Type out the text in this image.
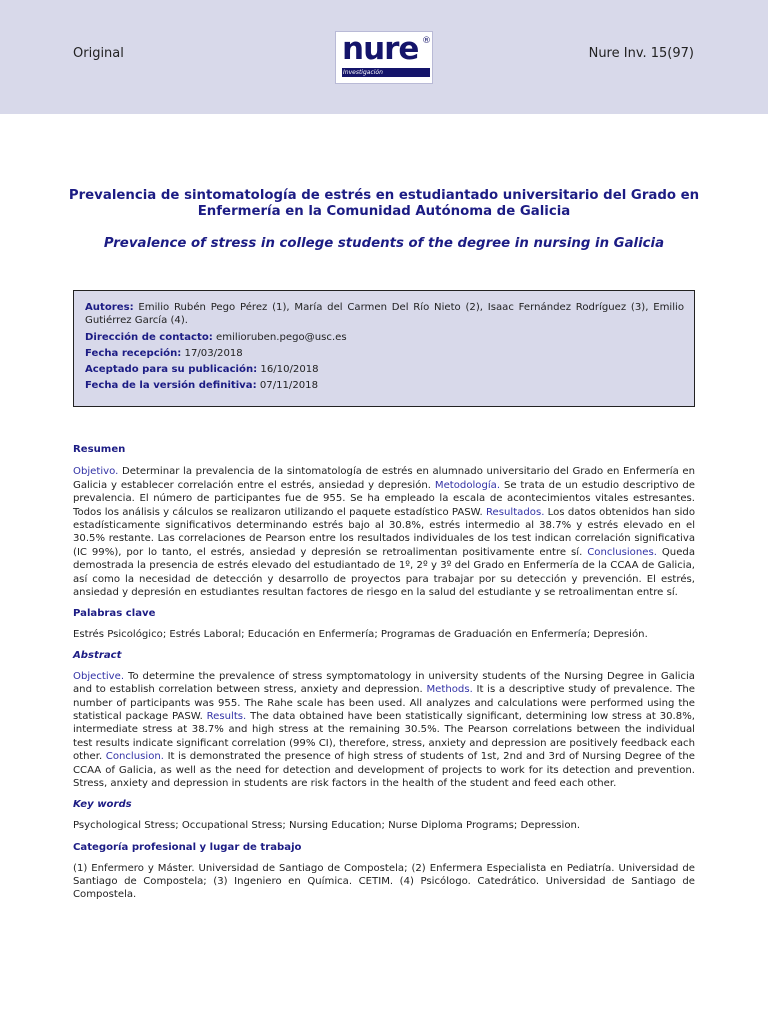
Original	nure ®
Investigación
Nure Inv. 15(97)
Prevalencia de sintomatología de estrés en estudiantado universitario del Grado en Enfermería en la Comunidad Autónoma de Galicia
Prevalence of stress in college students of the degree in nursing in Galicia
Autores: Emilio Rubén Pego Pérez (1), María del Carmen Del Río Nieto (2), Isaac Fernández Rodríguez (3), Emilio Gutiérrez García (4).
Dirección de contacto: emilioruben.pego@usc.es
Fecha recepción: 17/03/2018
Aceptado para su publicación: 16/10/2018
Fecha de la versión definitiva: 07/11/2018

Resumen

Objetivo. Determinar la prevalencia de la sintomatología de estrés en alumnado universitario del Grado en Enfermería en Galicia y establecer correlación entre el estrés, ansiedad y depresión. Metodología. Se trata de un estudio descriptivo de prevalencia. El número de participantes fue de 955. Se ha empleado la escala de acontecimientos vitales estresantes. Todos los análisis y cálculos se realizaron utilizando el paquete estadístico PASW. Resultados. Los datos obtenidos han sido estadísticamente significativos determinando estrés bajo al 30.8%, estrés intermedio al 38.7% y estrés elevado en el 30.5% restante. Las correlaciones de Pearson entre los resultados individuales de los test indican correlación significativa (IC 99%), por lo tanto, el estrés, ansiedad y depresión se retroalimentan positivamente entre sí. Conclusiones. Queda demostrada la presencia de estrés elevado del estudiantado de 1º, 2º y 3º del Grado en Enfermería de la CCAA de Galicia, así como la necesidad de detección y desarrollo de proyectos para trabajar por su detección y prevención. El estrés, ansiedad y depresión en estudiantes resultan factores de riesgo en la salud del estudiante y se retroalimentan entre sí.

Palabras clave

Estrés Psicológico; Estrés Laboral; Educación en Enfermería; Programas de Graduación en Enfermería; Depresión.

Abstract

Objective. To determine the prevalence of stress symptomatology in university students of the Nursing Degree in Galicia and to establish correlation between stress, anxiety and depression. Methods. It is a descriptive study of prevalence. The number of participants was 955. The Rahe scale has been used. All analyzes and calculations were performed using the statistical package PASW. Results. The data obtained have been statistically significant, determining low stress at 30.8%, intermediate stress at 38.7% and high stress at the remaining 30.5%. The Pearson correlations between the individual test results indicate significant correlation (99% CI), therefore, stress, anxiety and depression are positively feedback each other. Conclusion. It is demonstrated the presence of high stress of students of 1st, 2nd and 3rd of Nursing Degree of the CCAA of Galicia, as well as the need for detection and development of projects to work for its detection and prevention. Stress, anxiety and depression in students are risk factors in the health of the student and feed each other.

Key words

Psychological Stress; Occupational Stress; Nursing Education; Nurse Diploma Programs; Depression.

Categoría profesional y lugar de trabajo

(1) Enfermero y Máster. Universidad de Santiago de Compostela; (2) Enfermera Especialista en Pediatría. Universidad de Santiago de Compostela; (3) Ingeniero en Química. CETIM. (4) Psicólogo. Catedrático. Universidad de Santiago de Compostela.
